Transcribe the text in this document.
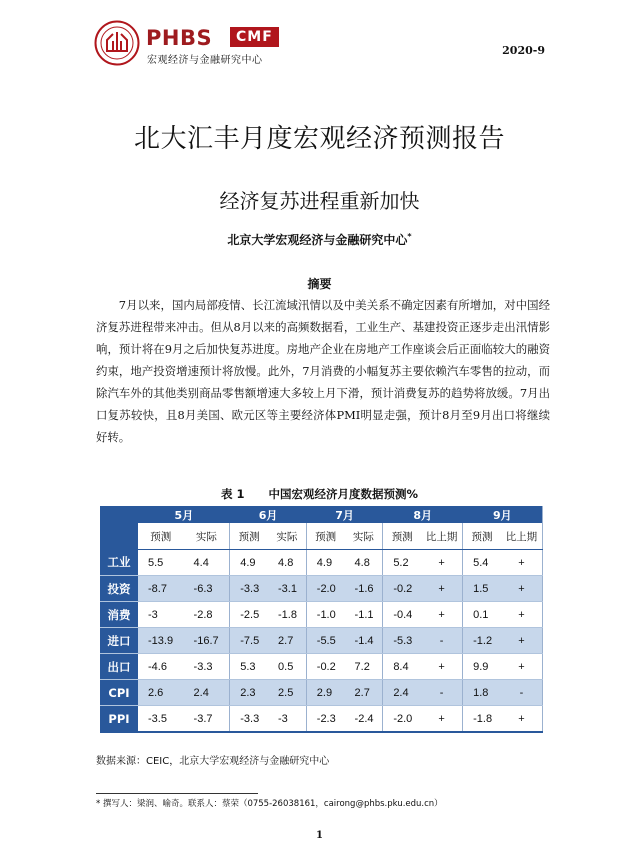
PHBS	CMF
宏观经济与金融研究中心
2020-9
北大汇丰月度宏观经济预测报告
经济复苏进程重新加快
北京大学宏观经济与金融研究中心*
摘要
7月以来，国内局部疫情、长江流域汛情以及中美关系不确定因素有所增加，对中国经济复苏进程带来冲击。但从8月以来的高频数据看，工业生产、基建投资正逐步走出汛情影响，预计将在9月之后加快复苏进度。房地产企业在房地产工作座谈会后正面临较大的融资约束，地产投资增速预计将放慢。此外，7月消费的小幅复苏主要依赖汽车零售的拉动，而除汽车外的其他类别商品零售额增速大多较上月下滑，预计消费复苏的趋势将放缓。7月出口复苏较快，且8月美国、欧元区等主要经济体PMI明显走强，预计8月至9月出口将继续好转。
表 1 中国宏观经济月度数据预测%
	5月		6月		7月		8月		9月	
	预测	实际	预测	实际	预测	实际	预测	比上期	预测	比上期
工业	5.5	4.4	4.9	4.8	4.9	4.8	5.2	+	5.4	+
投资	-8.7	-6.3	-3.3	-3.1	-2.0	-1.6	-0.2	+	1.5	+
消费	-3	-2.8	-2.5	-1.8	-1.0	-1.1	-0.4	+	0.1	+
进口	-13.9	-16.7	-7.5	2.7	-5.5	-1.4	-5.3	-	-1.2	+
出口	-4.6	-3.3	5.3	0.5	-0.2	7.2	8.4	+	9.9	+
CPI	2.6	2.4	2.3	2.5	2.9	2.7	2.4	-	1.8	-
PPI	-3.5	-3.7	-3.3	-3	-2.3	-2.4	-2.0	+	-1.8	+
数据来源：CEIC，北京大学宏观经济与金融研究中心
* 撰写人：梁润、喻奇。联系人：蔡荣（0755-26038161，cairong@phbs.pku.edu.cn）
1
